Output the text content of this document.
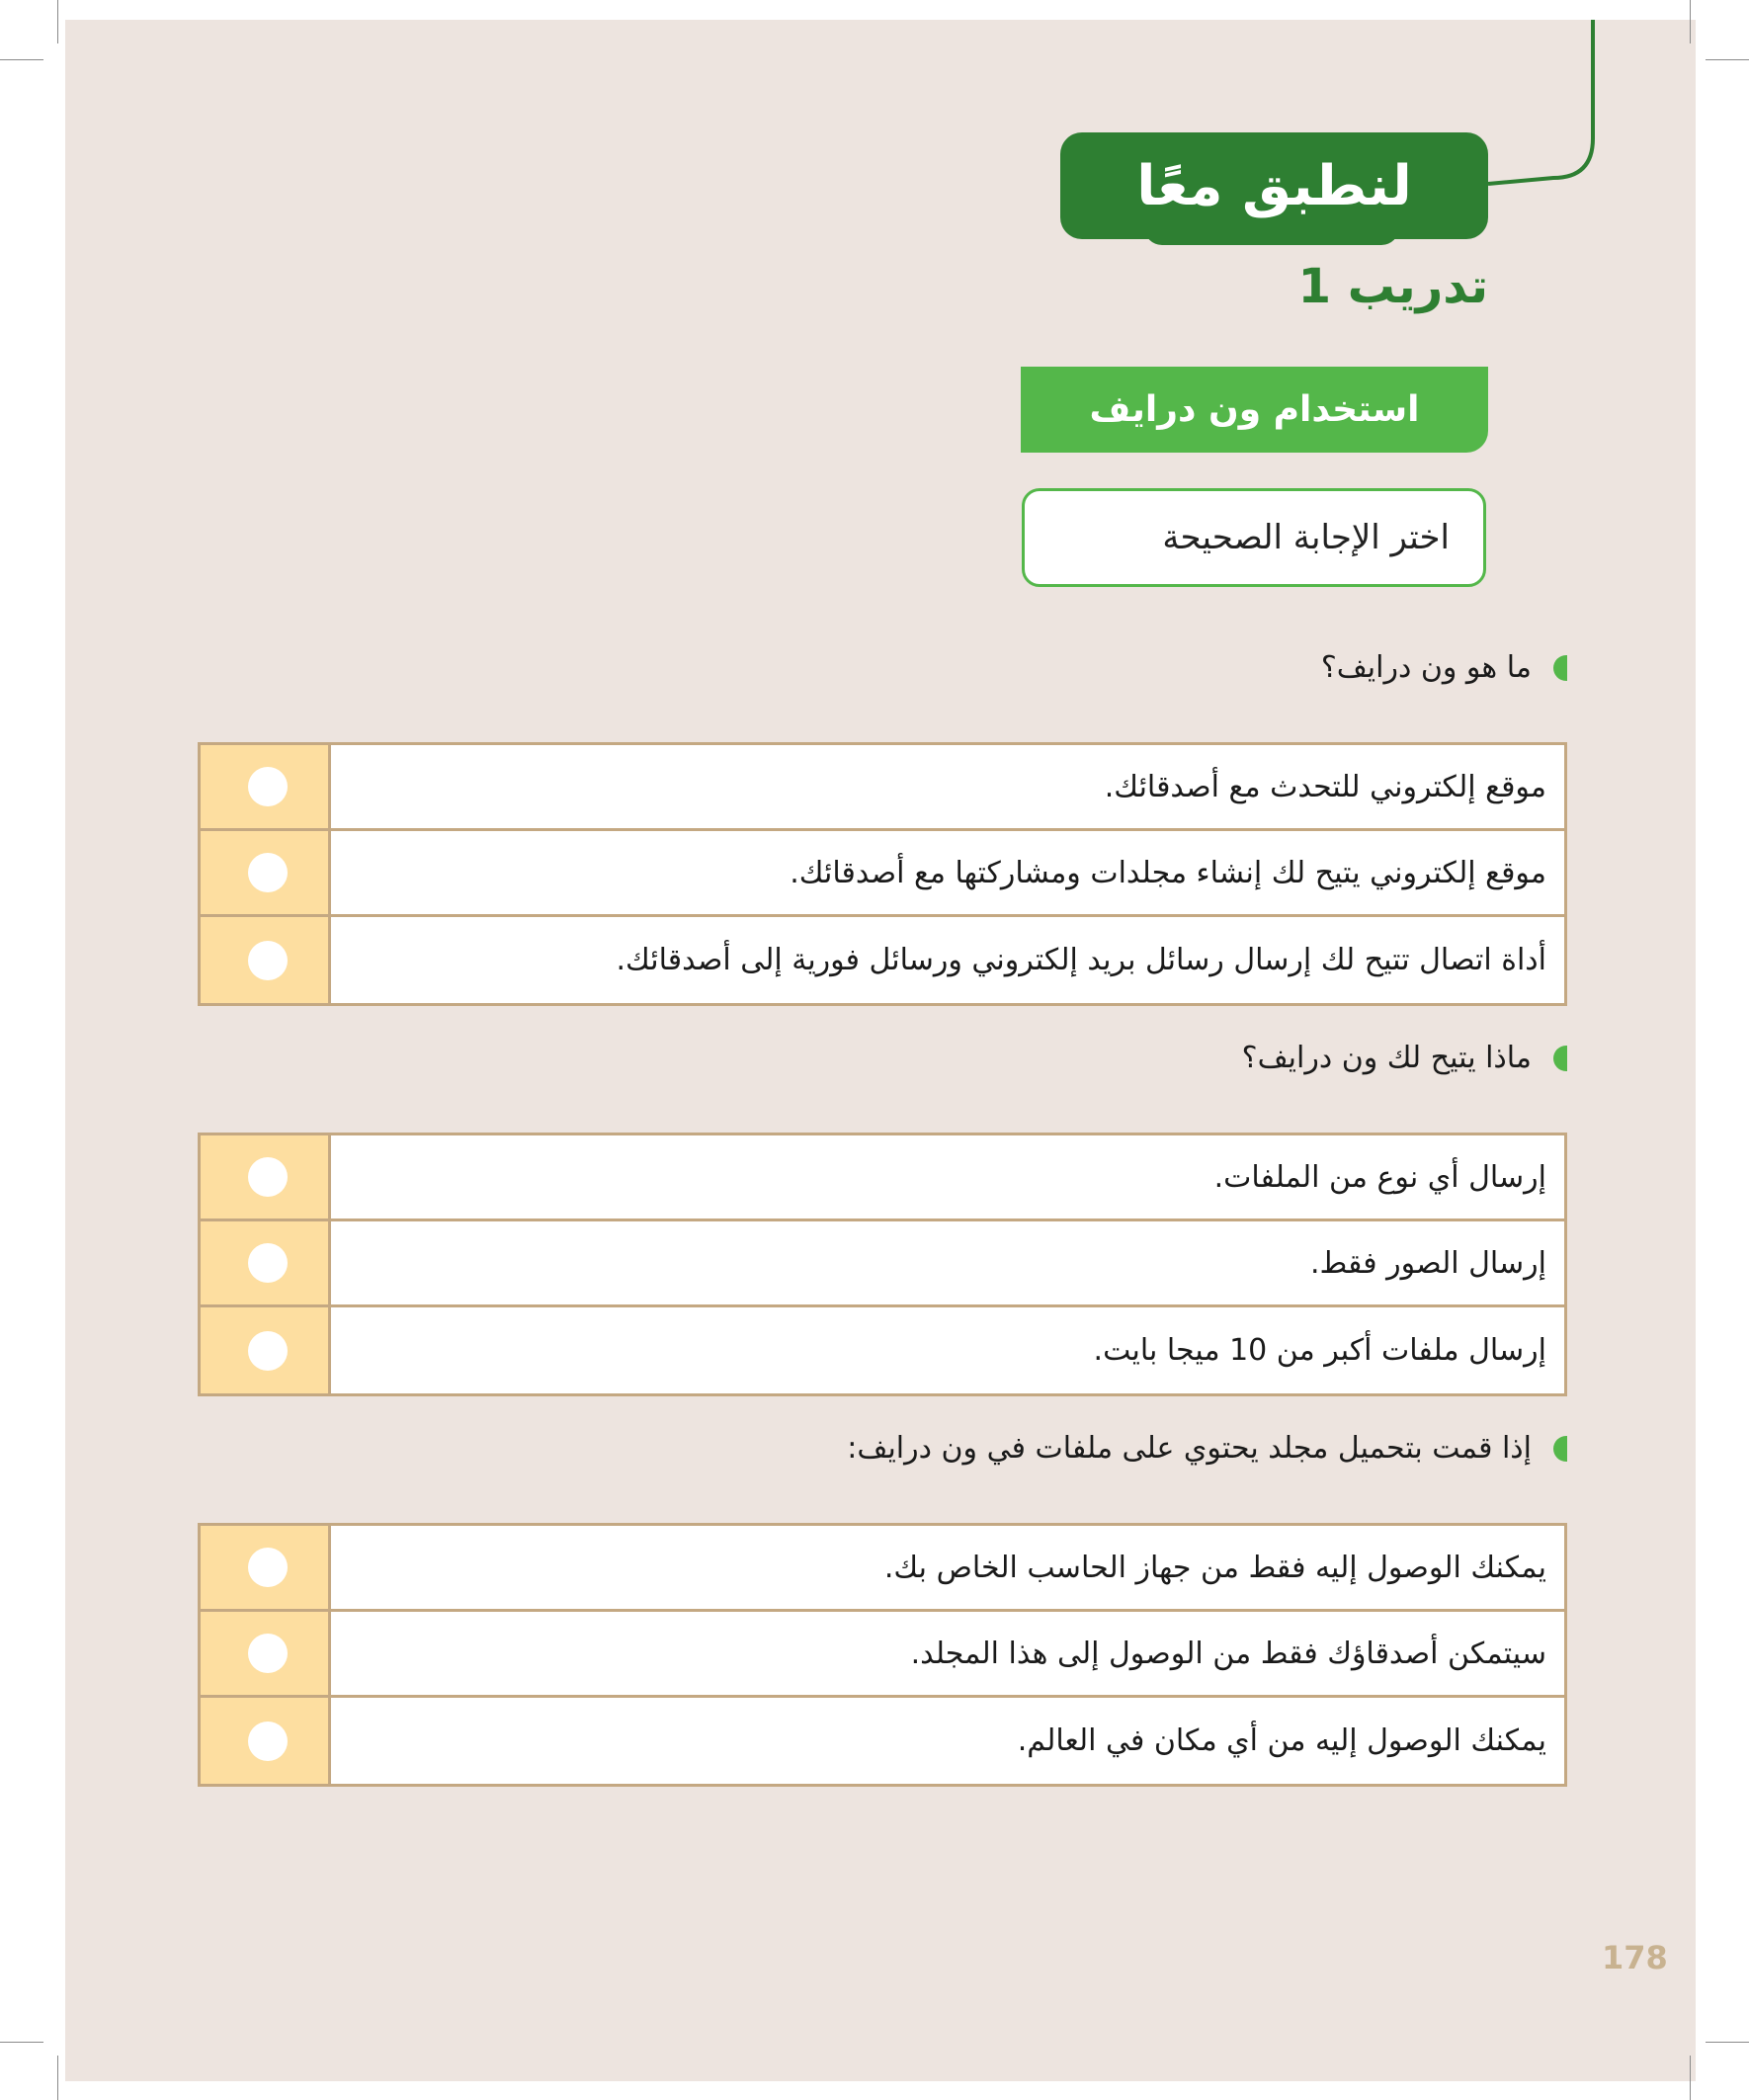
لنطبق معًا
تدريب 1
استخدام ون درايف
اختر الإجابة الصحيحة
ما هو ون درايف؟
موقع إلكتروني للتحدث مع أصدقائك.
موقع إلكتروني يتيح لك إنشاء مجلدات ومشاركتها مع أصدقائك.
أداة اتصال تتيح لك إرسال رسائل بريد إلكتروني ورسائل فورية إلى أصدقائك.
ماذا يتيح لك ون درايف؟
إرسال أي نوع من الملفات.
إرسال الصور فقط.
إرسال ملفات أكبر من 10 ميجا بايت.
إذا قمت بتحميل مجلد يحتوي على ملفات في ون درايف:
يمكنك الوصول إليه فقط من جهاز الحاسب الخاص بك.
سيتمكن أصدقاؤك فقط من الوصول إلى هذا المجلد.
يمكنك الوصول إليه من أي مكان في العالم.
178
